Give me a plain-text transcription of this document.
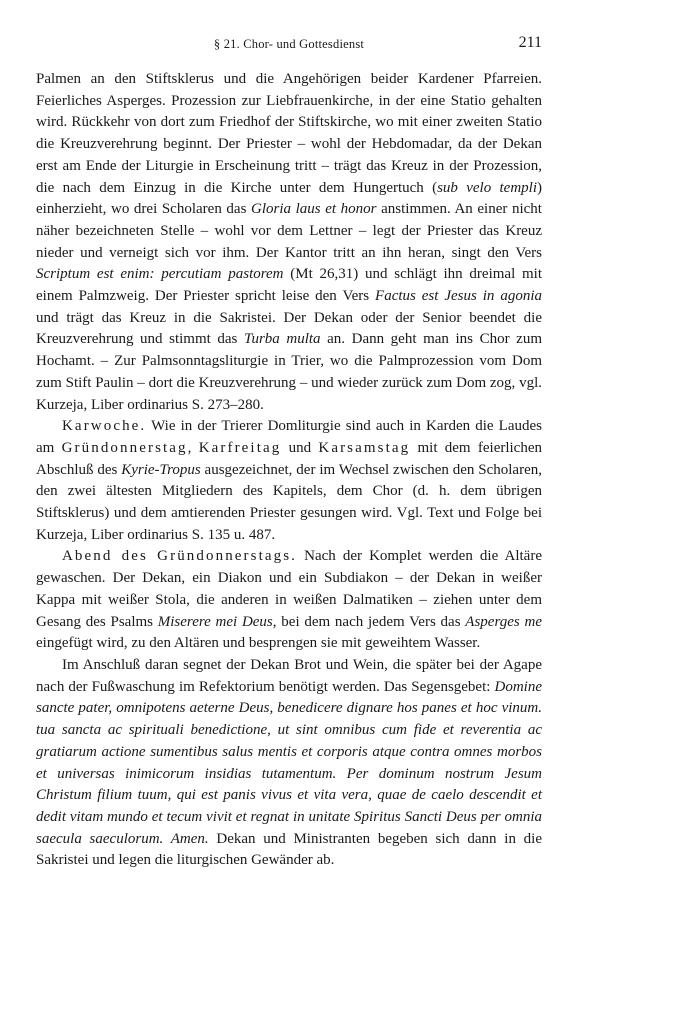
§ 21. Chor- und Gottesdienst	211

Palmen an den Stiftsklerus und die Angehörigen beider Kardener Pfarreien. Feierliches Asperges. Prozession zur Liebfrauenkirche, in der eine Statio gehalten wird. Rückkehr von dort zum Friedhof der Stiftskirche, wo mit einer zweiten Statio die Kreuzverehrung beginnt. Der Priester – wohl der Hebdomadar, da der Dekan erst am Ende der Liturgie in Erscheinung tritt – trägt das Kreuz in der Prozession, die nach dem Einzug in die Kirche unter dem Hungertuch (sub velo templi) einherzieht, wo drei Scholaren das Gloria laus et honor anstimmen. An einer nicht näher bezeichneten Stelle – wohl vor dem Lettner – legt der Priester das Kreuz nieder und verneigt sich vor ihm. Der Kantor tritt an ihn heran, singt den Vers Scriptum est enim: percutiam pastorem (Mt 26,31) und schlägt ihn dreimal mit einem Palmzweig. Der Priester spricht leise den Vers Factus est Jesus in agonia und trägt das Kreuz in die Sakristei. Der Dekan oder der Senior beendet die Kreuzverehrung und stimmt das Turba multa an. Dann geht man ins Chor zum Hochamt. – Zur Palmsonntagsliturgie in Trier, wo die Palmprozession vom Dom zum Stift Paulin – dort die Kreuzverehrung – und wieder zurück zum Dom zog, vgl. Kurzeja, Liber ordinarius S. 273–280.

Karwoche. Wie in der Trierer Domliturgie sind auch in Karden die Laudes am Gründonnerstag, Karfreitag und Karsamstag mit dem feierlichen Abschluß des Kyrie-Tropus ausgezeichnet, der im Wechsel zwischen den Scholaren, den zwei ältesten Mitgliedern des Kapitels, dem Chor (d. h. dem übrigen Stiftsklerus) und dem amtierenden Priester gesungen wird. Vgl. Text und Folge bei Kurzeja, Liber ordinarius S. 135 u. 487.

Abend des Gründonnerstags. Nach der Komplet werden die Altäre gewaschen. Der Dekan, ein Diakon und ein Subdiakon – der Dekan in weißer Kappa mit weißer Stola, die anderen in weißen Dalmatiken – ziehen unter dem Gesang des Psalms Miserere mei Deus, bei dem nach jedem Vers das Asperges me eingefügt wird, zu den Altären und besprengen sie mit geweihtem Wasser.

Im Anschluß daran segnet der Dekan Brot und Wein, die später bei der Agape nach der Fußwaschung im Refektorium benötigt werden. Das Segensgebet: Domine sancte pater, omnipotens aeterne Deus, benedicere dignare hos panes et hoc vinum. tua sancta ac spirituali benedictione, ut sint omnibus cum fide et reverentia ac gratiarum actione sumentibus salus mentis et corporis atque contra omnes morbos et universas inimicorum insidias tutamentum. Per dominum nostrum Jesum Christum filium tuum, qui est panis vivus et vita vera, quae de caelo descendit et dedit vitam mundo et tecum vivit et regnat in unitate Spiritus Sancti Deus per omnia saecula saeculorum. Amen. Dekan und Ministranten begeben sich dann in die Sakristei und legen die liturgischen Gewänder ab.
